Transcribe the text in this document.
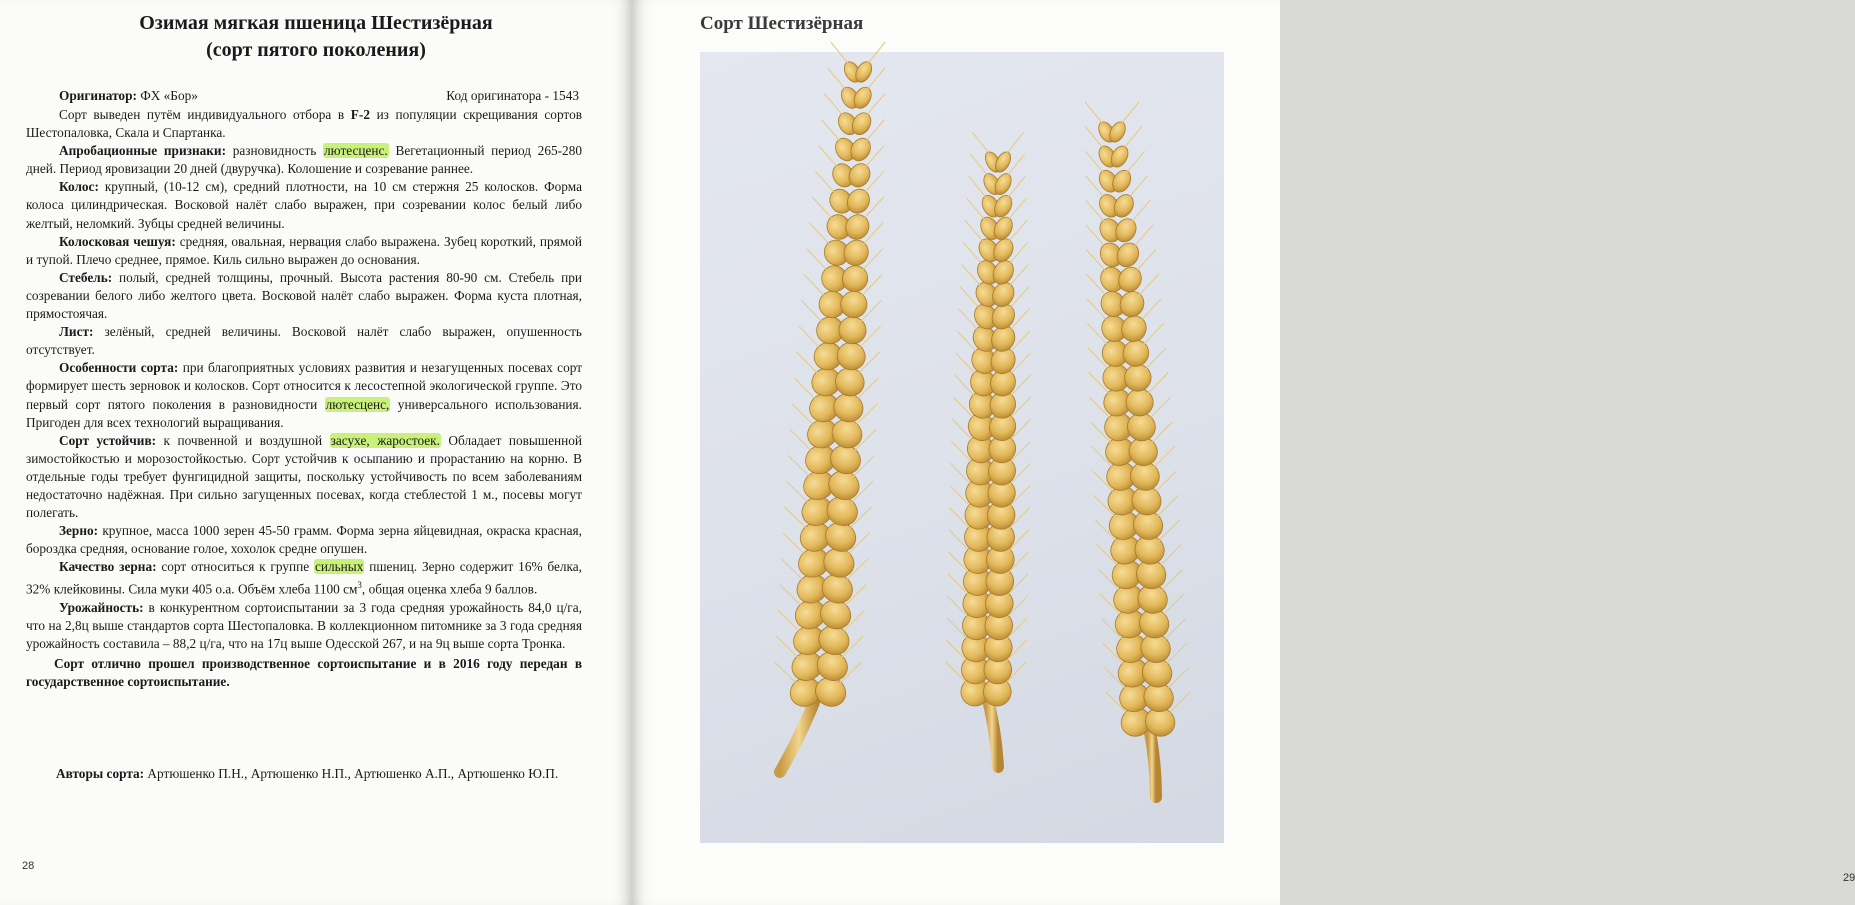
Озимая мягкая пшеница Шестизёрная
(сорт пятого поколения)
Оригинатор: ФХ «Бор»	Код оригинатора - 1543

Сорт выведен путём индивидуального отбора в F-2 из популяции скрещивания сортов Шестопаловка, Скала и Спартанка.

Апробационные признаки: разновидность лютесценс. Вегетационный период 265-280 дней. Период яровизации 20 дней (двуручка). Колошение и созревание раннее.

Колос: крупный, (10-12 см), средний плотности, на 10 см стержня 25 колосков. Форма колоса цилиндрическая. Восковой налёт слабо выражен, при созревании колос белый либо желтый, неломкий. Зубцы средней величины.

Колосковая чешуя: средняя, овальная, нервация слабо выражена. Зубец короткий, прямой и тупой. Плечо среднее, прямое. Киль сильно выражен до основания.

Стебель: полый, средней толщины, прочный. Высота растения 80-90 см. Стебель при созревании белого либо желтого цвета. Восковой налёт слабо выражен. Форма куста плотная, прямостоячая.

Лист: зелёный, средней величины. Восковой налёт слабо выражен, опушенность отсутствует.

Особенности сорта: при благоприятных условиях развития и незагущенных посевах сорт формирует шесть зерновок и колосков. Сорт относится к лесостепной экологической группе. Это первый сорт пятого поколения в разновидности лютесценс, универсального использования. Пригоден для всех технологий выращивания.

Сорт устойчив: к почвенной и воздушной засухе, жаростоек. Обладает повышенной зимостойкостью и морозостойкостью. Сорт устойчив к осыпанию и прорастанию на корню. В отдельные годы требует фунгицидной защиты, поскольку устойчивость по всем заболеваниям недостаточно надёжная. При сильно загущенных посевах, когда стеблестой 1 м., посевы могут полегать.

Зерно: крупное, масса 1000 зерен 45-50 грамм. Форма зерна яйцевидная, окраска красная, бороздка средняя, основание голое, хохолок средне опушен.

Качество зерна: сорт относиться к группе сильных пшениц. Зерно содержит 16% белка, 32% клейковины. Сила муки 405 о.а. Объём хлеба 1100 $см^3$, общая оценка хлеба 9 баллов.

Урожайность: в конкурентном сортоиспытании за 3 года средняя урожайность 84,0 ц/га, что на 2,8ц выше стандартов сорта Шестопаловка. В коллекционном питомнике за 3 года средняя урожайность составила – 88,2 ц/га, что на 17ц выше Одесской 267, и на 9ц выше сорта Тронка.

Сорт отлично прошел производственное сортоиспытание и в 2016 году передан в государственное сортоиспытание.

Авторы сорта: Артюшенко П.Н., Артюшенко Н.П., Артюшенко А.П., Артюшенко Ю.П.
28
Сорт Шестизёрная
29
